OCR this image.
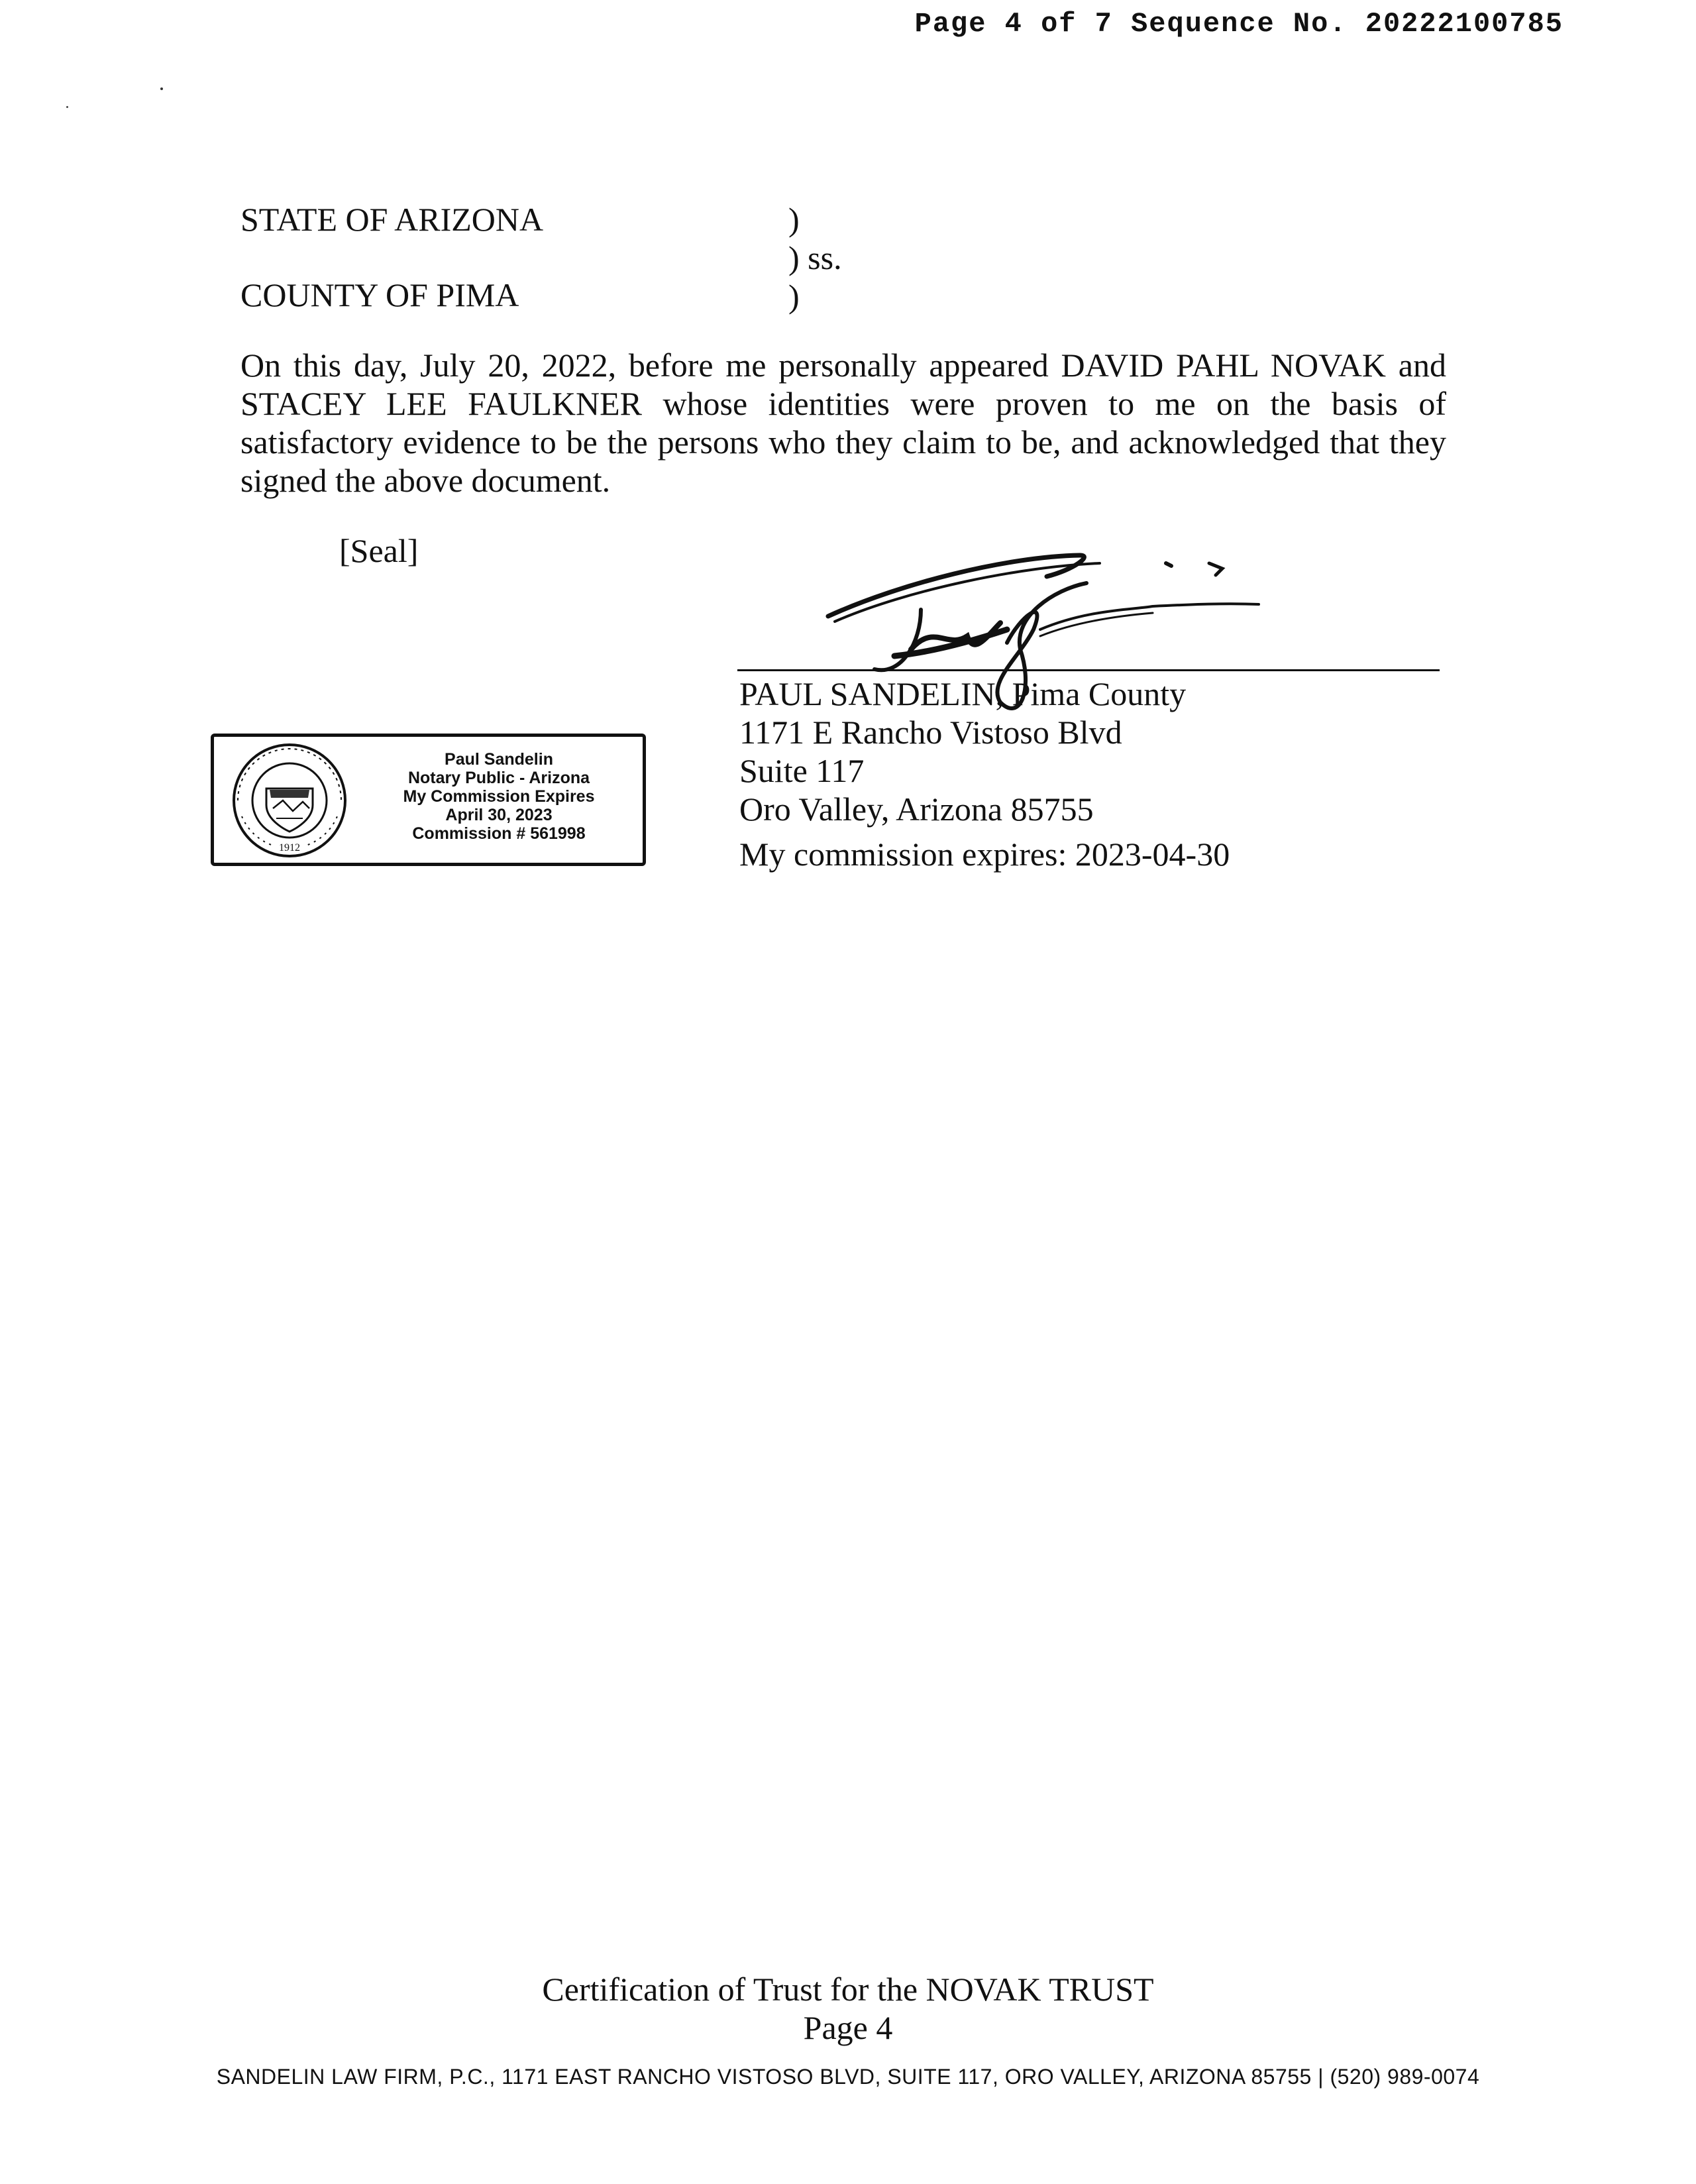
Page 4 of 7 Sequence No. 20222100785
STATE OF ARIZONA
COUNTY OF PIMA
)
) ss.
)
On this day, July 20, 2022, before me personally appeared DAVID PAHL NOVAK and STACEY LEE FAULKNER whose identities were proven to me on the basis of satisfactory evidence to be the persons who they claim to be, and acknowledged that they signed the above document.
[Seal]
PAUL SANDELIN, Pima County
1171 E Rancho Vistoso Blvd
Suite 117
Oro Valley, Arizona 85755
My commission expires: 2023-04-30
1912
Paul Sandelin
Notary Public - Arizona
My Commission Expires
April 30, 2023
Commission # 561998
Certification of Trust for the NOVAK TRUST
Page 4
SANDELIN LAW FIRM, P.C., 1171 EAST RANCHO VISTOSO BLVD, SUITE 117, ORO VALLEY, ARIZONA 85755 | (520) 989-0074
